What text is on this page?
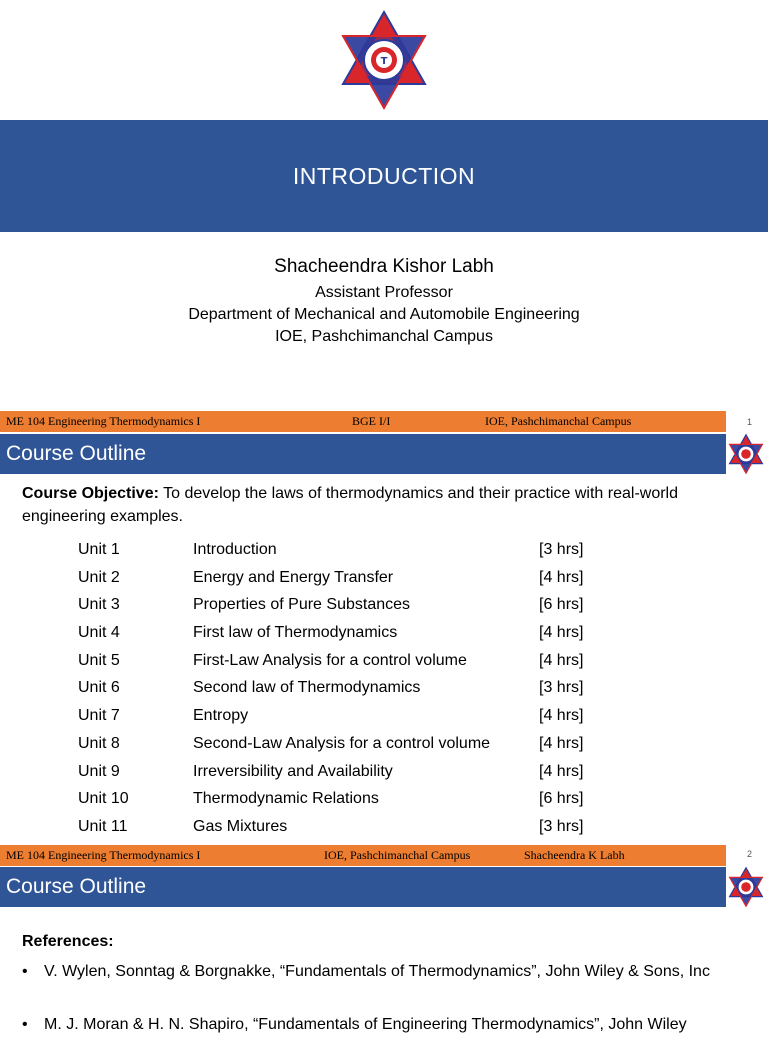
T
INTRODUCTION
Shacheendra Kishor Labh
Assistant Professor
Department of Mechanical and Automobile Engineering
IOE, Pashchimanchal Campus
ME 104 Engineering Thermodynamics I	BGE I/I	IOE, Pashchimanchal Campus	1
Course Outline
Course Objective: To develop the laws of thermodynamics and their practice with real-world engineering examples.
Unit 1	Introduction	[3 hrs]
Unit 2	Energy and Energy Transfer	[4 hrs]
Unit 3	Properties of Pure Substances	[6 hrs]
Unit 4	First law of Thermodynamics	[4 hrs]
Unit 5	First-Law Analysis for a control volume	[4 hrs]
Unit 6	Second law of Thermodynamics	[3 hrs]
Unit 7	Entropy	[4 hrs]
Unit 8	Second-Law Analysis for a control volume	[4 hrs]
Unit 9	Irreversibility and Availability	[4 hrs]
Unit 10	Thermodynamic Relations	[6 hrs]
Unit 11	Gas Mixtures	[3 hrs]
ME 104 Engineering Thermodynamics I	IOE, Pashchimanchal Campus	Shacheendra K Labh	2
Course Outline
References:
•	V. Wylen, Sonntag & Borgnakke, “Fundamentals of Thermodynamics”, John Wiley & Sons, Inc
•	M. J. Moran & H. N. Shapiro, “Fundamentals of Engineering Thermodynamics”, John Wiley
